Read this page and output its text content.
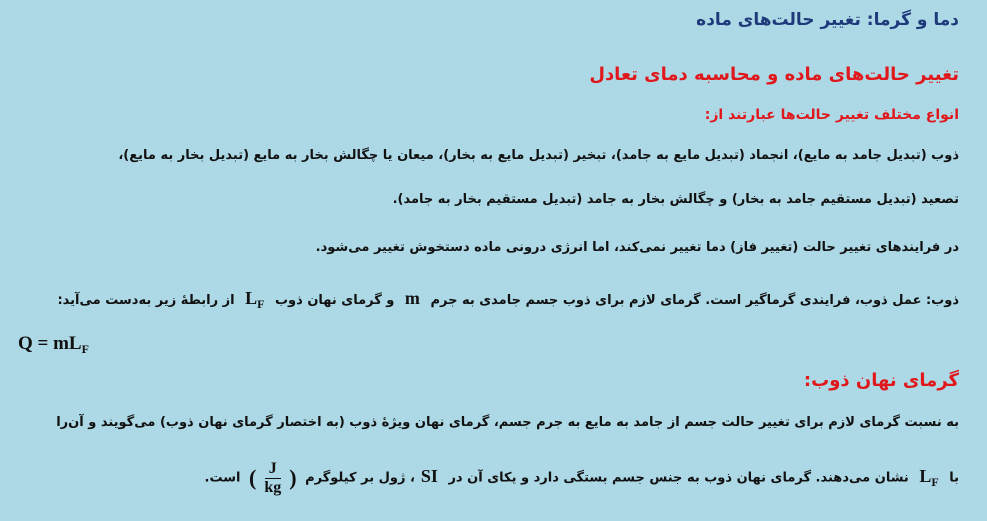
دما و گرما: تغییر حالت‌های ماده
تغییر حالت‌های ماده و محاسبه دمای تعادل
انواع مختلف تغییر حالت‌ها عبارتند از:
ذوب (تبدیل جامد به مایع)، انجماد (تبدیل مایع به جامد)، تبخیر (تبدیل مایع به بخار)، میعان یا چگالش بخار به مایع (تبدیل بخار به مایع)،
تصعید (تبدیل مستقیم جامد به بخار) و چگالش بخار به جامد (تبدیل مستقیم بخار به جامد).
در فرایندهای تغییر حالت (تغییر فاز) دما تغییر نمی‌کند، اما انرژی درونی ماده دستخوش تغییر می‌شود.
ذوب: عمل ذوب، فرایندی گرماگیر است. گرمای لازم برای ذوب جسم جامدی به جرم m و گرمای نهان ذوب $L_F$ از رابطهٔ زیر به‌دست می‌آید:
$Q = mL_F$
گرمای نهان ذوب:
به نسبت گرمای لازم برای تغییر حالت جسم از جامد به مایع به جرم جسم، گرمای نهان ویژهٔ ذوب (به اختصار گرمای نهان ذوب) می‌گویند و آن‌را
با $L_F$ نشان می‌دهند. گرمای نهان ذوب به جنس جسم بستگی دارد و یکای آن در SI، ژول بر کیلوگرم ( $\frac{J}{kg}$ ) است.
